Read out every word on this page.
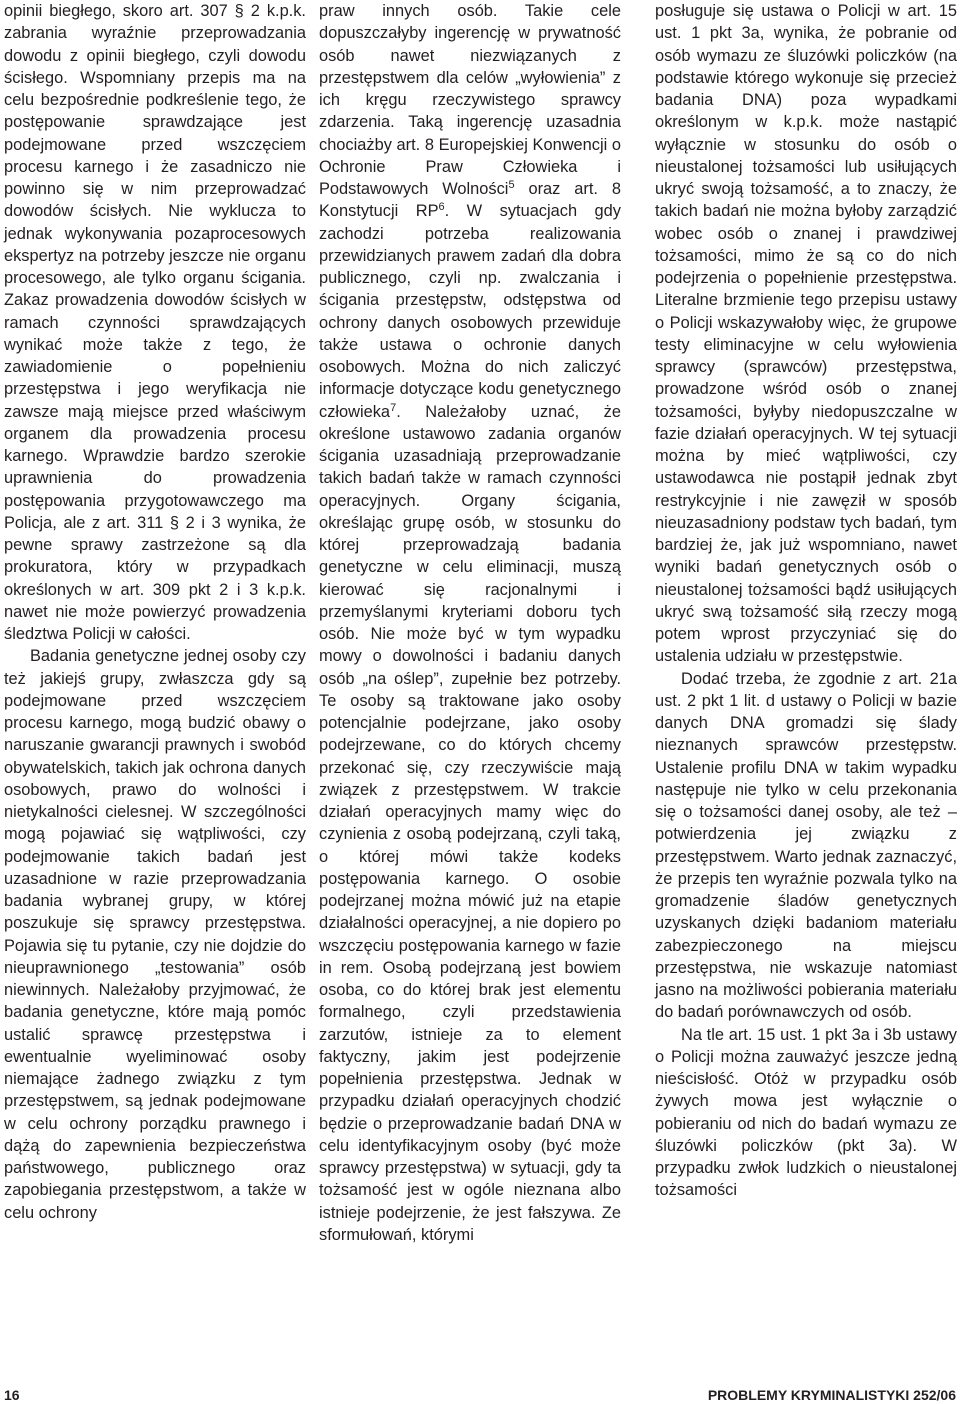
opinii biegłego, skoro art. 307 § 2 k.p.k. zabrania wyraźnie przeprowadzania dowodu z opinii biegłego, czyli dowodu ścisłego. Wspomniany przepis ma na celu bezpośrednie podkreślenie tego, że postępowanie sprawdzające jest podejmowane przed wszczęciem procesu karnego i że zasadniczo nie powinno się w nim przeprowadzać dowodów ścisłych. Nie wyklucza to jednak wykonywania pozaprocesowych ekspertyz na potrzeby jeszcze nie organu procesowego, ale tylko organu ścigania. Zakaz prowadzenia dowodów ścisłych w ramach czynności sprawdzających wynikać może także z tego, że zawiadomienie o popełnieniu przestępstwa i jego weryfikacja nie zawsze mają miejsce przed właściwym organem dla prowadzenia procesu karnego. Wprawdzie bardzo szerokie uprawnienia do prowadzenia postępowania przygotowawczego ma Policja, ale z art. 311 § 2 i 3 wynika, że pewne sprawy zastrzeżone są dla prokuratora, który w przypadkach określonych w art. 309 pkt 2 i 3 k.p.k. nawet nie może powierzyć prowadzenia śledztwa Policji w całości.

Badania genetyczne jednej osoby czy też jakiejś grupy, zwłaszcza gdy są podejmowane przed wszczęciem procesu karnego, mogą budzić obawy o naruszanie gwarancji prawnych i swobód obywatelskich, takich jak ochrona danych osobowych, prawo do wolności i nietykalności cielesnej. W szczególności mogą pojawiać się wątpliwości, czy podejmowanie takich badań jest uzasadnione w razie przeprowadzania badania wybranej grupy, w której poszukuje się sprawcy przestępstwa. Pojawia się tu pytanie, czy nie dojdzie do nieuprawnionego „testowania” osób niewinnych. Należałoby przyjmować, że badania genetyczne, które mają pomóc ustalić sprawcę przestępstwa i ewentualnie wyeliminować osoby niemające żadnego związku z tym przestępstwem, są jednak podejmowane w celu ochrony porządku prawnego i dążą do zapewnienia bezpieczeństwa państwowego, publicznego oraz zapobiegania przestępstwom, a także w celu ochrony

praw innych osób. Takie cele dopuszczałyby ingerencję w prywatność osób nawet niezwiązanych z przestępstwem dla celów „wyłowienia” z ich kręgu rzeczywistego sprawcy zdarzenia. Taką ingerencję uzasadnia chociażby art. 8 Europejskiej Konwencji o Ochronie Praw Człowieka i Podstawowych Wolności$^5$ oraz art. 8 Konstytucji $RP^6$. W sytuacjach gdy zachodzi potrzeba realizowania przewidzianych prawem zadań dla dobra publicznego, czyli np. zwalczania i ścigania przestępstw, odstępstwa od ochrony danych osobowych przewiduje także ustawa o ochronie danych osobowych. Można do nich zaliczyć informacje dotyczące kodu genetycznego człowieka$^7$. Należałoby uznać, że określone ustawowo zadania organów ścigania uzasadniają przeprowadzanie takich badań także w ramach czynności operacyjnych. Organy ścigania, określając grupę osób, w stosunku do której przeprowadzają badania genetyczne w celu eliminacji, muszą kierować się racjonalnymi i przemyślanymi kryteriami doboru tych osób. Nie może być w tym wypadku mowy o dowolności i badaniu danych osób „na oślep”, zupełnie bez potrzeby. Te osoby są traktowane jako osoby potencjalnie podejrzane, jako osoby podejrzewane, co do których chcemy przekonać się, czy rzeczywiście mają związek z przestępstwem. W trakcie działań operacyjnych mamy więc do czynienia z osobą podejrzaną, czyli taką, o której mówi także kodeks postępowania karnego. O osobie podejrzanej można mówić już na etapie działalności operacyjnej, a nie dopiero po wszczęciu postępowania karnego w fazie in rem. Osobą podejrzaną jest bowiem osoba, co do której brak jest elementu formalnego, czyli przedstawienia zarzutów, istnieje za to element faktyczny, jakim jest podejrzenie popełnienia przestępstwa. Jednak w przypadku działań operacyjnych chodzić będzie o przeprowadzanie badań DNA w celu identyfikacyjnym osoby (być może sprawcy przestępstwa) w sytuacji, gdy ta tożsamość jest w ogóle nieznana albo istnieje podejrzenie, że jest fałszywa. Ze sformułowań, którymi

posługuje się ustawa o Policji w art. 15 ust. 1 pkt 3a, wynika, że pobranie od osób wymazu ze śluzówki policzków (na podstawie którego wykonuje się przecież badania DNA) poza wypadkami określonym w k.p.k. może nastąpić wyłącznie w stosunku do osób o nieustalonej tożsamości lub usiłujących ukryć swoją tożsamość, a to znaczy, że takich badań nie można byłoby zarządzić wobec osób o znanej i prawdziwej tożsamości, mimo że są co do nich podejrzenia o popełnienie przestępstwa. Literalne brzmienie tego przepisu ustawy o Policji wskazywałoby więc, że grupowe testy eliminacyjne w celu wyłowienia sprawcy (sprawców) przestępstwa, prowadzone wśród osób o znanej tożsamości, byłyby niedopuszczalne w fazie działań operacyjnych. W tej sytuacji można by mieć wątpliwości, czy ustawodawca nie postąpił jednak zbyt restrykcyjnie i nie zawęził w sposób nieuzasadniony podstaw tych badań, tym bardziej że, jak już wspomniano, nawet wyniki badań genetycznych osób o nieustalonej tożsamości bądź usiłujących ukryć swą tożsamość siłą rzeczy mogą potem wprost przyczyniać się do ustalenia udziału w przestępstwie.

Dodać trzeba, że zgodnie z art. 21a ust. 2 pkt 1 lit. d ustawy o Policji w bazie danych DNA gromadzi się ślady nieznanych sprawców przestępstw. Ustalenie profilu DNA w takim wypadku następuje nie tylko w celu przekonania się o tożsamości danej osoby, ale też – potwierdzenia jej związku z przestępstwem. Warto jednak zaznaczyć, że przepis ten wyraźnie pozwala tylko na gromadzenie śladów genetycznych uzyskanych dzięki badaniom materiału zabezpieczonego na miejscu przestępstwa, nie wskazuje natomiast jasno na możliwości pobierania materiału do badań porównawczych od osób.

Na tle art. 15 ust. 1 pkt 3a i 3b ustawy o Policji można zauważyć jeszcze jedną nieścisłość. Otóż w przypadku osób żywych mowa jest wyłącznie o pobieraniu od nich do badań wymazu ze śluzówki policzków (pkt 3a). W przypadku zwłok ludzkich o nieustalonej tożsamości

16	PROBLEMY KRYMINALISTYKI 252/06
